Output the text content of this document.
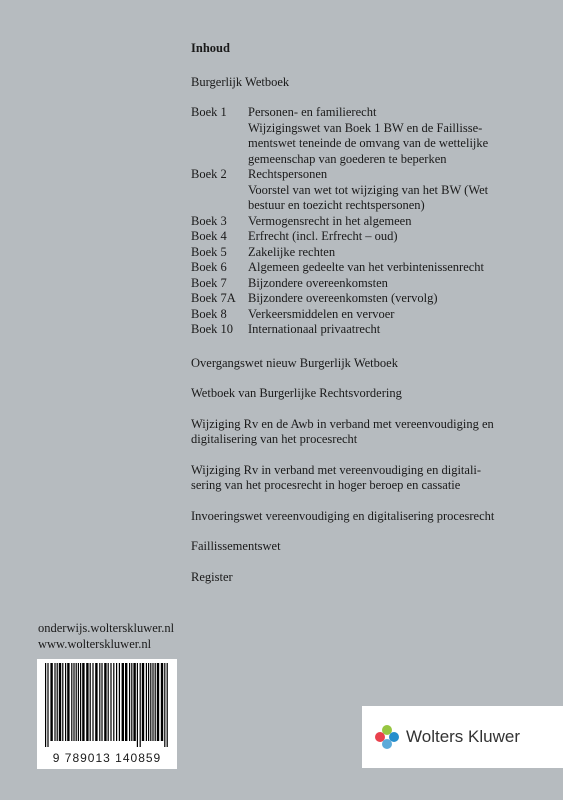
Inhoud
Burgerlijk Wetboek
Boek 1	Personen- en familierecht
Wijzigingswet van Boek 1 BW en de Faillisse-
mentswet teneinde de omvang van de wettelijke
gemeenschap van goederen te beperken
Boek 2	Rechtspersonen
Voorstel van wet tot wijziging van het BW (Wet
bestuur en toezicht rechtspersonen)
Boek 3	Vermogensrecht in het algemeen
Boek 4	Erfrecht (incl. Erfrecht – oud)
Boek 5	Zakelijke rechten
Boek 6	Algemeen gedeelte van het verbintenissenrecht
Boek 7	Bijzondere overeenkomsten
Boek 7A Bijzondere overeenkomsten (vervolg)
Boek 8	Verkeersmiddelen en vervoer
Boek 10	Internationaal privaatrecht
Overgangswet nieuw Burgerlijk Wetboek
Wetboek van Burgerlijke Rechtsvordering
Wijziging Rv en de Awb in verband met vereenvoudiging en
digitalisering van het procesrecht
Wijziging Rv in verband met vereenvoudiging en digitali-
sering van het procesrecht in hoger beroep en cassatie
Invoeringswet vereenvoudiging en digitalisering procesrecht
Faillissementswet
Register
onderwijs.wolterskluwer.nl
www.wolterskluwer.nl
9 789013 140859
Wolters Kluwer
